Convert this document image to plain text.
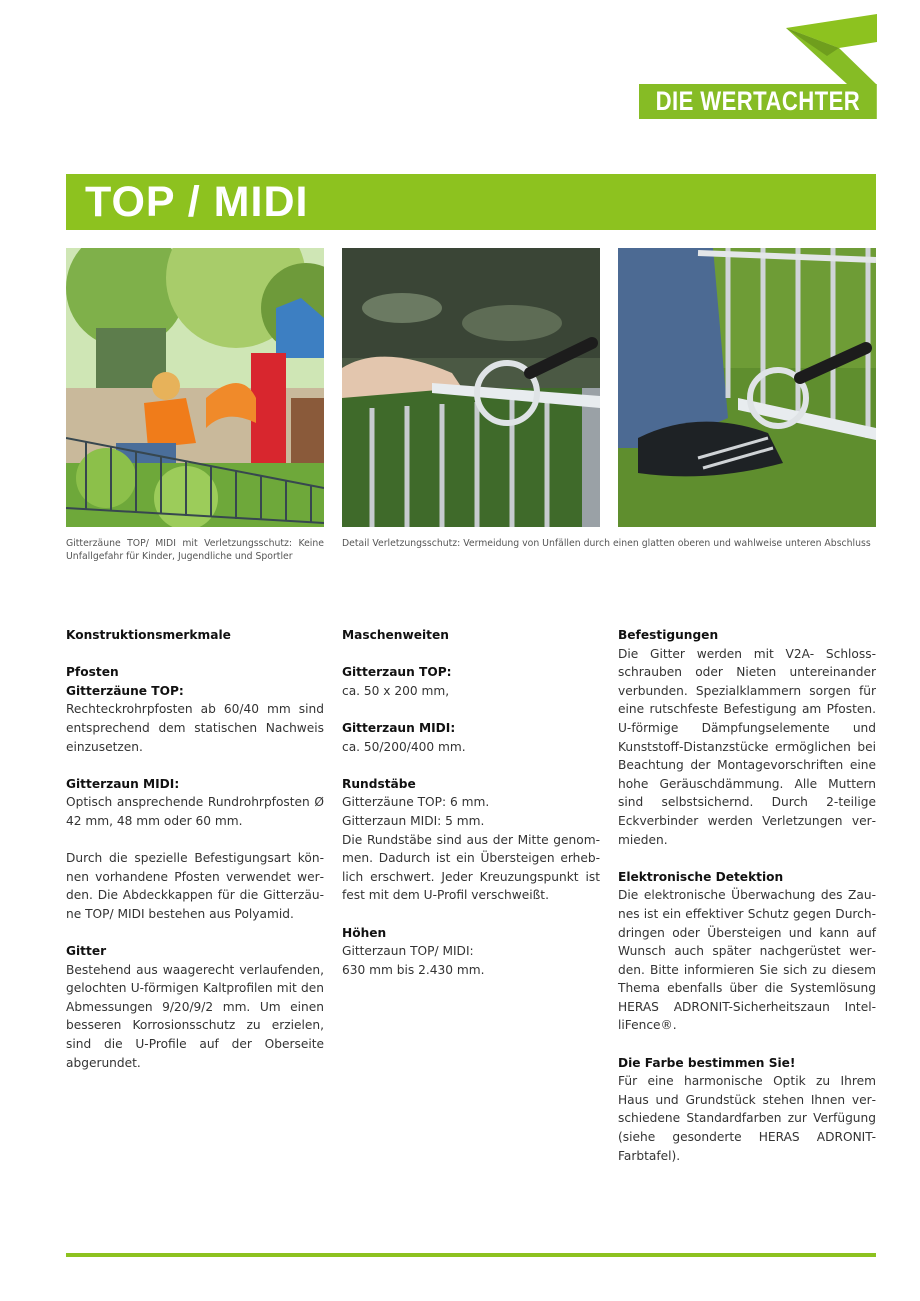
DIE WERTACHTER
TOP / MIDI
Gitterzäune TOP/ MIDI mit Verletzungsschutz: Keine Unfallgefahr für Kinder, Jugendliche und Sportler
Detail Verletzungsschutz: Vermeidung von Unfällen durch einen glatten oberen und wahlweise unteren Abschluss

Konstruktionsmerkmale

Pfosten
Gitterzäune TOP:
Rechteckrohrpfosten ab 60/40 mm sind entsprechend dem statischen Nachweis einzusetzen.

Gitterzaun MIDI:
Optisch ansprechende Rundrohrpfosten Ø 42 mm, 48 mm oder 60 mm.

Durch die spezielle Befestigungsart können vorhandene Pfosten verwendet werden. Die Abdeckkappen für die Gitterzäune TOP/ MIDI bestehen aus Polyamid.

Gitter
Bestehend aus waagerecht verlaufenden, gelochten U-förmigen Kaltprofilen mit den Abmessungen 9/20/9/2 mm. Um einen besseren Korrosionsschutz zu erzielen, sind die U-Profile auf der Oberseite abgerundet.

Maschenweiten

Gitterzaun TOP:
ca. 50 x 200 mm,

Gitterzaun MIDI:
ca. 50/200/400 mm.

Rundstäbe
Gitterzäune TOP: 6 mm.
Gitterzaun MIDI: 5 mm.
Die Rundstäbe sind aus der Mitte genommen. Dadurch ist ein Übersteigen erheblich erschwert. Jeder Kreuzungspunkt ist fest mit dem U-Profil verschweißt.

Höhen
Gitterzaun TOP/ MIDI:
630 mm bis 2.430 mm.

Befestigungen
Die Gitter werden mit V2A- Schlossschrauben oder Nieten untereinander verbunden. Spezialklammern sorgen für eine rutschfeste Befestigung am Pfosten. U-förmige Dämpfungselemente und Kunststoff-Distanzstücke ermöglichen bei Beachtung der Montagevorschriften eine hohe Geräuschdämmung. Alle Muttern sind selbstsichernd. Durch 2-teilige Eckverbinder werden Verletzungen vermieden.

Elektronische Detektion
Die elektronische Überwachung des Zaunes ist ein effektiver Schutz gegen Durchdringen oder Übersteigen und kann auf Wunsch auch später nachgerüstet werden. Bitte informieren Sie sich zu diesem Thema ebenfalls über die Systemlösung HERAS ADRONIT-Sicherheitszaun IntelliFence®.

Die Farbe bestimmen Sie!
Für eine harmonische Optik zu Ihrem Haus und Grundstück stehen Ihnen verschiedene Standardfarben zur Verfügung (siehe gesonderte HERAS ADRONIT-Farbtafel).
